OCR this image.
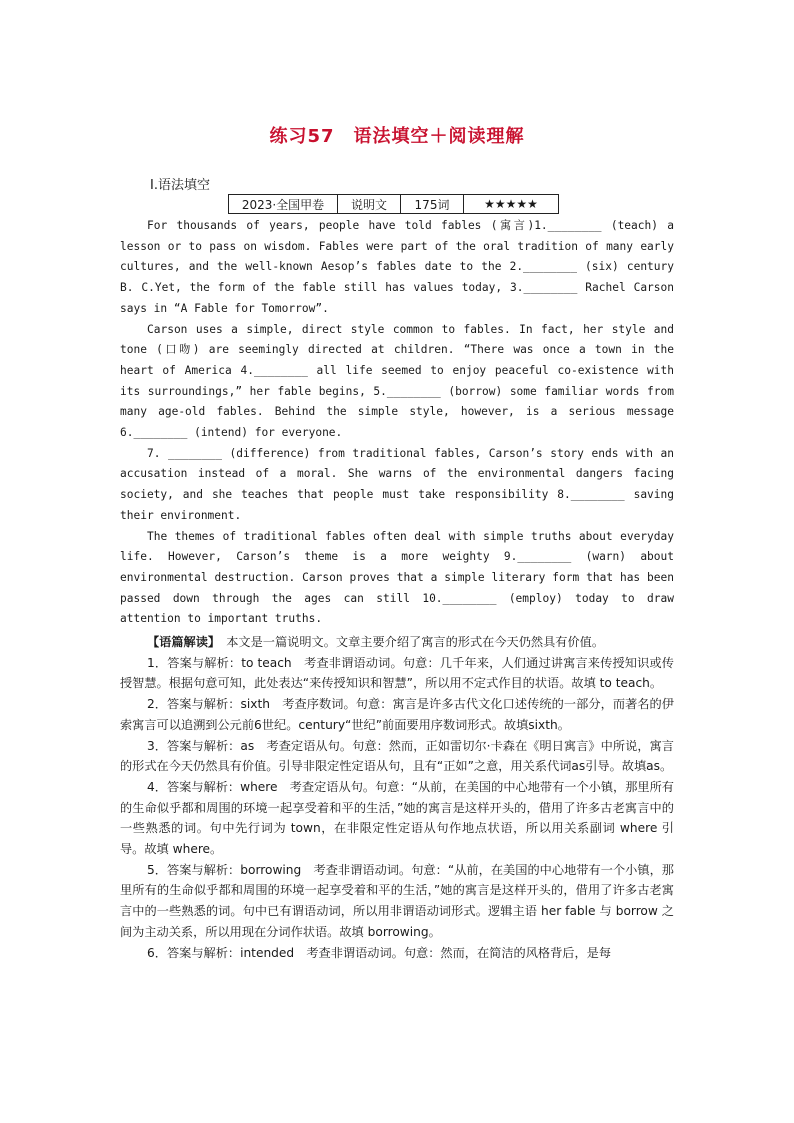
练习57　语法填空＋阅读理解
Ⅰ.语法填空
2023·全国甲卷	说明文	175词	★★★★★

For thousands of years, people have told fables (寓言)1.________ (teach) a lesson or to pass on wisdom. Fables were part of the oral tradition of many early cultures, and the well-known Aesop’s fables date to the 2.________ (six) century B. C.Yet, the form of the fable still has values today, 3.________ Rachel Carson says in “A Fable for Tomorrow”.

Carson uses a simple, direct style common to fables. In fact, her style and tone (口吻) are seemingly directed at children. “There was once a town in the heart of America 4.________ all life seemed to enjoy peaceful co-existence with its surroundings,” her fable begins, 5.________ (borrow) some familiar words from many age-old fables. Behind the simple style, however, is a serious message 6.________ (intend) for everyone.

7. ________ (difference) from traditional fables, Carson’s story ends with an accusation instead of a moral. She warns of the environmental dangers facing society, and she teaches that people must take responsibility 8.________ saving their environment.

The themes of traditional fables often deal with simple truths about everyday life. However, Carson’s theme is a more weighty 9.________ (warn) about environmental destruction. Carson proves that a simple literary form that has been passed down through the ages can still 10.________ (employ) today to draw attention to important truths.

【语篇解读】　 本文是一篇说明文。文章主要介绍了寓言的形式在今天仍然具有价值。

1．答案与解析：to teach　考查非谓语动词。句意：几千年来，人们通过讲寓言来传授知识或传授智慧。根据句意可知，此处表达“来传授知识和智慧”，所以用不定式作目的状语。故填 to teach。

2．答案与解析：sixth　考查序数词。句意：寓言是许多古代文化口述传统的一部分，而著名的伊索寓言可以追溯到公元前6世纪。century“世纪”前面要用序数词形式。故填sixth。

3．答案与解析：as　考查定语从句。句意：然而，正如雷切尔·卡森在《明日寓言》中所说，寓言的形式在今天仍然具有价值。引导非限定性定语从句，且有“正如”之意，用关系代词as引导。故填as。

4．答案与解析：where　考查定语从句。句意：“从前，在美国的中心地带有一个小镇，那里所有的生命似乎都和周围的环境一起享受着和平的生活，”她的寓言是这样开头的，借用了许多古老寓言中的一些熟悉的词。句中先行词为 town，在非限定性定语从句作地点状语，所以用关系副词 where 引导。故填 where。

5．答案与解析：borrowing　考查非谓语动词。句意：“从前，在美国的中心地带有一个小镇，那里所有的生命似乎都和周围的环境一起享受着和平的生活，”她的寓言是这样开头的，借用了许多古老寓言中的一些熟悉的词。句中已有谓语动词，所以用非谓语动词形式。逻辑主语 her fable 与 borrow 之间为主动关系，所以用现在分词作状语。故填 borrowing。

6．答案与解析：intended　考查非谓语动词。句意：然而，在简洁的风格背后，是每
